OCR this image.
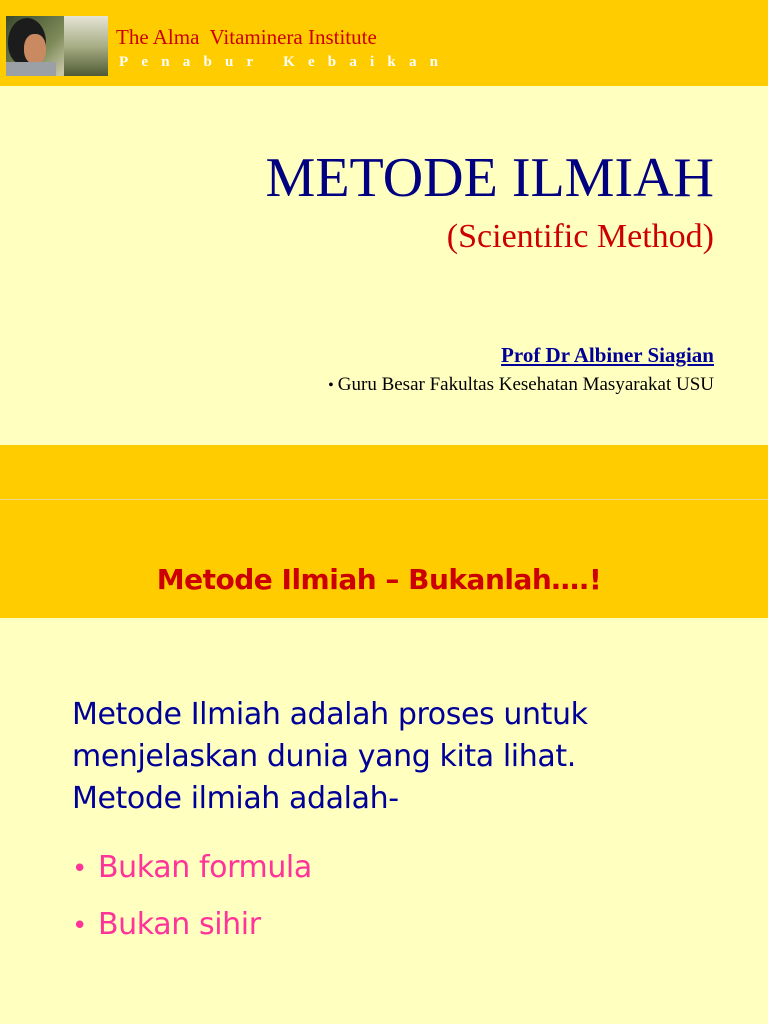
The Alma  Vitaminera Institute
Penabur Kebaikan
METODE ILMIAH
(Scientific Method)
Prof Dr Albiner Siagian
• Guru Besar Fakultas Kesehatan Masyarakat USU
Metode Ilmiah – Bukanlah….!
Metode Ilmiah adalah proses untuk
menjelaskan dunia yang kita lihat.
Metode ilmiah adalah-
• Bukan formula
• Bukan sihir
